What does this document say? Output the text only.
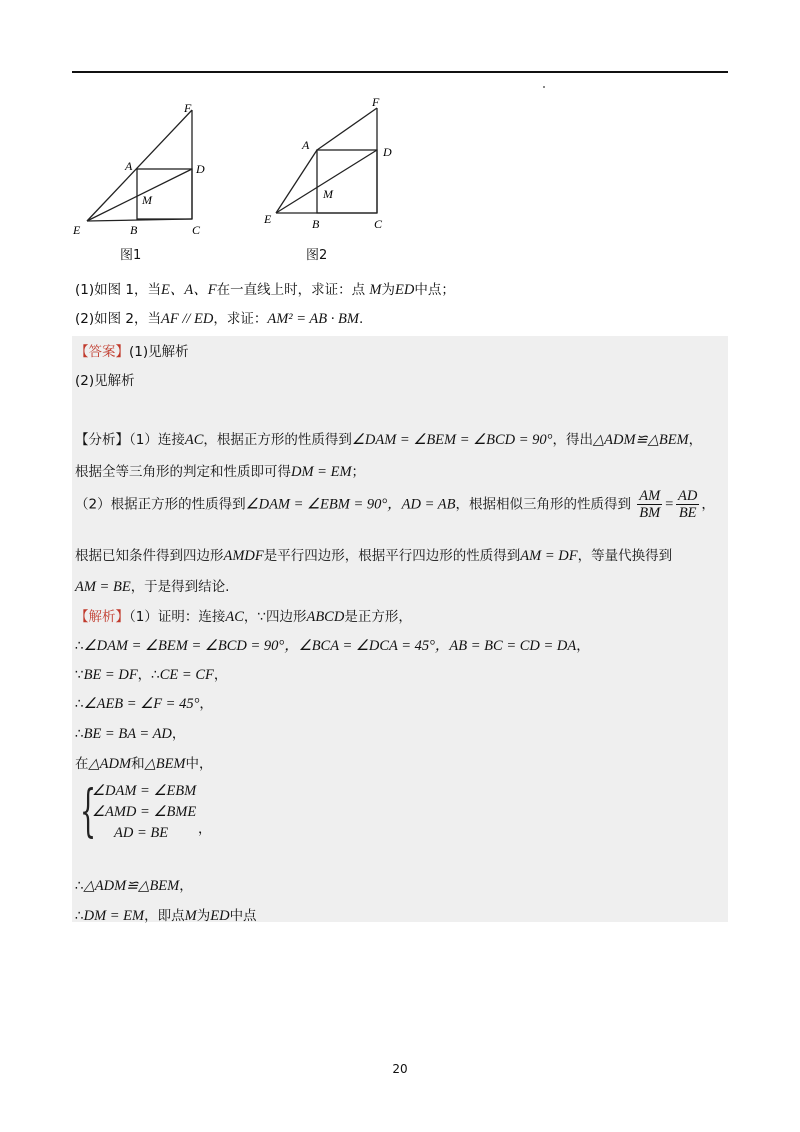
F
A	D
M
E	B	C
图1
F
A	D
M
E	B	C
图2
(1)如图 1，当E、A、F在一直线上时，求证：点 M为ED中点；
(2)如图 2，当AF // ED，求证：AM² = AB · BM.
【答案】(1)见解析
(2)见解析
【分析】（1）连接AC，根据正方形的性质得到∠DAM = ∠BEM = ∠BCD = 90°，得出△ADM≌△BEM，
根据全等三角形的判定和性质即可得DM = EM；
（2）根据正方形的性质得到∠DAM = ∠EBM = 90°，AD = AB，根据相似三角形的性质得到 $\frac{AM}{BM} = \frac{AD}{BE}$ ，
根据已知条件得到四边形AMDF是平行四边形，根据平行四边形的性质得到AM = DF，等量代换得到
AM = BE，于是得到结论.
【解析】（1）证明：连接AC，∵四边形ABCD是正方形，
∴∠DAM = ∠BEM = ∠BCD = 90°，∠BCA = ∠DCA = 45°，AB = BC = CD = DA，
∵BE = DF，∴CE = CF，
∴∠AEB = ∠F = 45°，
∴BE = BA = AD，
在△ADM和△BEM中，
{
∠DAM = ∠EBM
∠AMD = ∠BME
AD = BE ，
∴△ADM≌△BEM，
∴DM = EM，即点M为ED中点
20
